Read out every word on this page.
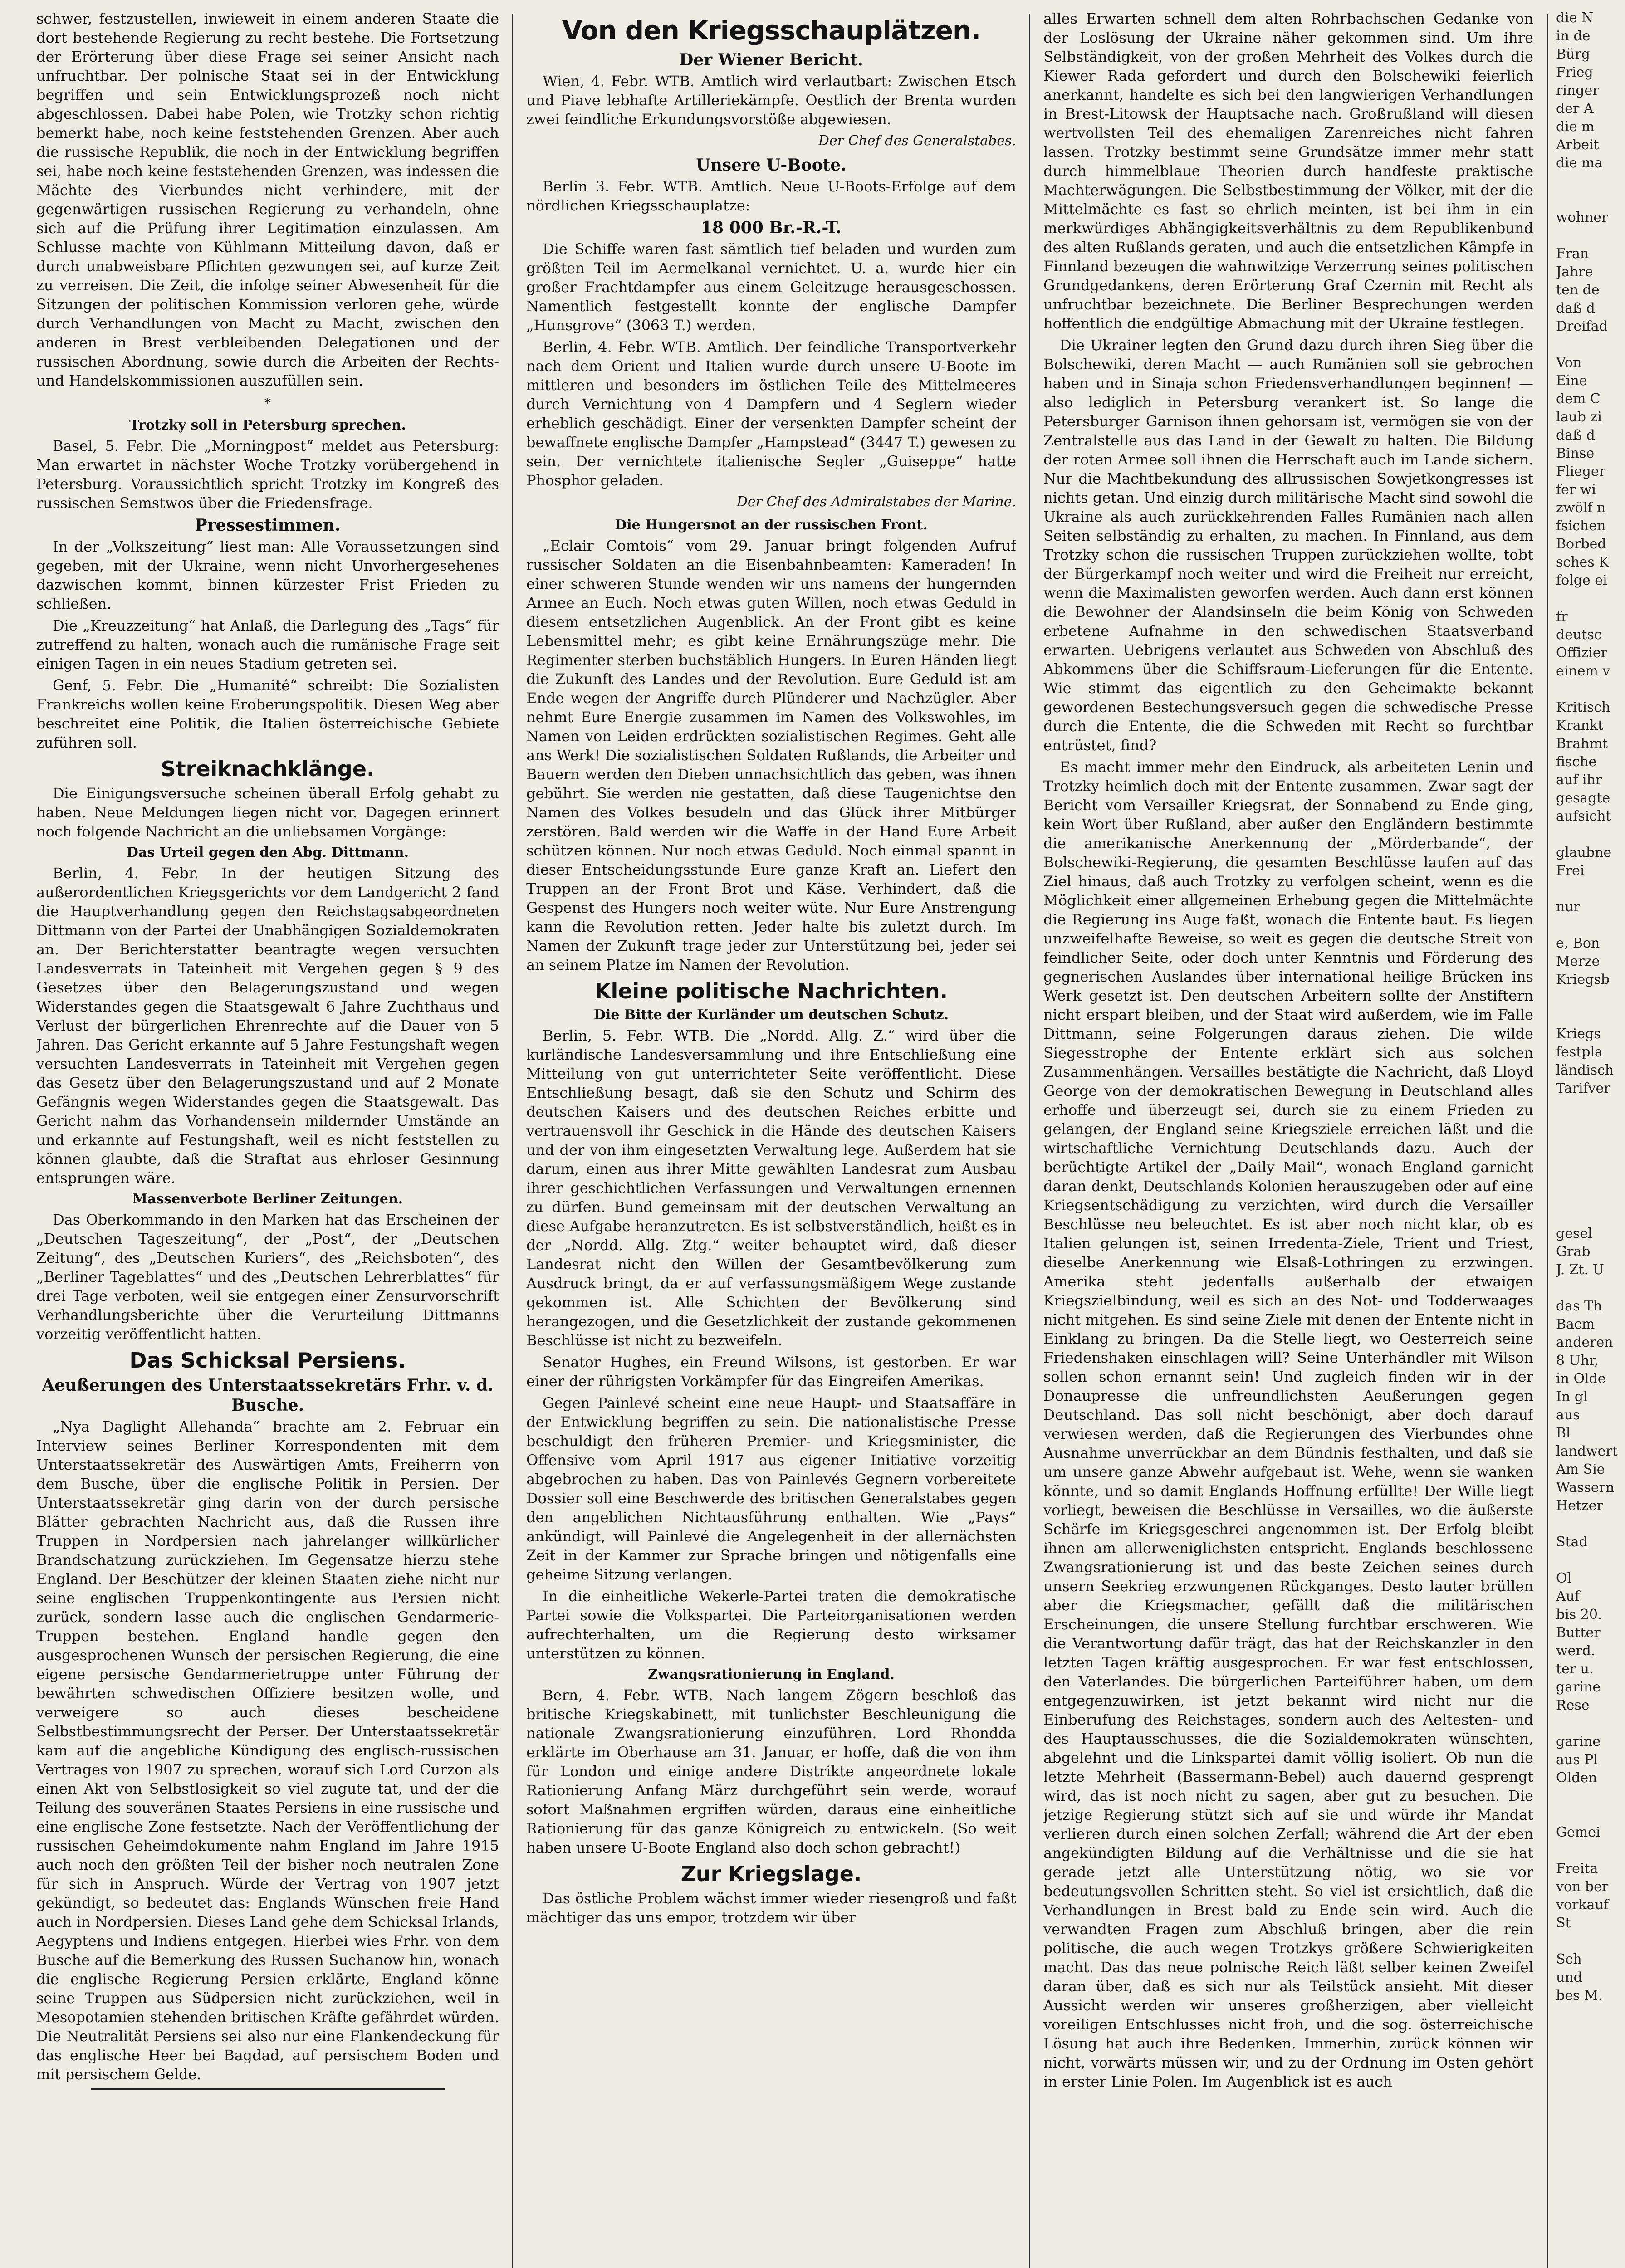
schwer, festzustellen, inwieweit in einem anderen Staate die dort bestehende Regierung zu recht bestehe. Die Fortsetzung der Erörterung über diese Frage sei seiner Ansicht nach unfruchtbar. Der polnische Staat sei in der Entwicklung begriffen und sein Entwicklungsprozeß noch nicht abgeschlossen. Dabei habe Polen, wie Trotzky schon richtig bemerkt habe, noch keine feststehenden Grenzen. Aber auch die russische Republik, die noch in der Entwicklung begriffen sei, habe noch keine feststehenden Grenzen, was indessen die Mächte des Vierbundes nicht verhindere, mit der gegenwärtigen russischen Regierung zu verhandeln, ohne sich auf die Prüfung ihrer Legitimation einzulassen. Am Schlusse machte von Kühlmann Mitteilung davon, daß er durch unabweisbare Pflichten gezwungen sei, auf kurze Zeit zu verreisen. Die Zeit, die infolge seiner Abwesenheit für die Sitzungen der politischen Kommission verloren gehe, würde durch Verhandlungen von Macht zu Macht, zwischen den anderen in Brest verbleibenden Delegationen und der russischen Abordnung, sowie durch die Arbeiten der Rechts- und Handelskommissionen auszufüllen sein.

*
Trotzky soll in Petersburg sprechen.

Basel, 5. Febr. Die „Morningpost“ meldet aus Petersburg: Man erwartet in nächster Woche Trotzky vorübergehend in Petersburg. Voraussichtlich spricht Trotzky im Kongreß des russischen Semstwos über die Friedensfrage.

Pressestimmen.

In der „Volkszeitung“ liest man: Alle Voraussetzungen sind gegeben, mit der Ukraine, wenn nicht Unvorhergesehenes dazwischen kommt, binnen kürzester Frist Frieden zu schließen.

Die „Kreuzzeitung“ hat Anlaß, die Darlegung des „Tags“ für zutreffend zu halten, wonach auch die rumänische Frage seit einigen Tagen in ein neues Stadium getreten sei.

Genf, 5. Febr. Die „Humanité“ schreibt: Die Sozialisten Frankreichs wollen keine Eroberungspolitik. Diesen Weg aber beschreitet eine Politik, die Italien österreichische Gebiete zuführen soll.

Streiknachklänge.

Die Einigungsversuche scheinen überall Erfolg gehabt zu haben. Neue Meldungen liegen nicht vor. Dagegen erinnert noch folgende Nachricht an die unliebsamen Vorgänge:

Das Urteil gegen den Abg. Dittmann.

Berlin, 4. Febr. In der heutigen Sitzung des außerordentlichen Kriegsgerichts vor dem Landgericht 2 fand die Hauptverhandlung gegen den Reichstagsabgeordneten Dittmann von der Partei der Unabhängigen Sozialdemokraten an. Der Berichterstatter beantragte wegen versuchten Landesverrats in Tateinheit mit Vergehen gegen § 9 des Gesetzes über den Belagerungszustand und wegen Widerstandes gegen die Staatsgewalt 6 Jahre Zuchthaus und Verlust der bürgerlichen Ehrenrechte auf die Dauer von 5 Jahren. Das Gericht erkannte auf 5 Jahre Festungshaft wegen versuchten Landesverrats in Tateinheit mit Vergehen gegen das Gesetz über den Belagerungszustand und auf 2 Monate Gefängnis wegen Widerstandes gegen die Staatsgewalt. Das Gericht nahm das Vorhandensein mildernder Umstände an und erkannte auf Festungshaft, weil es nicht feststellen zu können glaubte, daß die Straftat aus ehrloser Gesinnung entsprungen wäre.

Massenverbote Berliner Zeitungen.

Das Oberkommando in den Marken hat das Erscheinen der „Deutschen Tageszeitung“, der „Post“, der „Deutschen Zeitung“, des „Deutschen Kuriers“, des „Reichsboten“, des „Berliner Tageblattes“ und des „Deutschen Lehrerblattes“ für drei Tage verboten, weil sie entgegen einer Zensurvorschrift Verhandlungsberichte über die Verurteilung Dittmanns vorzeitig veröffentlicht hatten.

Das Schicksal Persiens.
Aeußerungen des Unterstaatssekretärs Frhr. v. d. Busche.

„Nya Daglight Allehanda“ brachte am 2. Februar ein Interview seines Berliner Korrespondenten mit dem Unterstaatssekretär des Auswärtigen Amts, Freiherrn von dem Busche, über die englische Politik in Persien. Der Unterstaatssekretär ging darin von der durch persische Blätter gebrachten Nachricht aus, daß die Russen ihre Truppen in Nordpersien nach jahrelanger willkürlicher Brandschatzung zurückziehen. Im Gegensatze hierzu stehe England. Der Beschützer der kleinen Staaten ziehe nicht nur seine englischen Truppenkontingente aus Persien nicht zurück, sondern lasse auch die englischen Gendarmerie-Truppen bestehen. England handle gegen den ausgesprochenen Wunsch der persischen Regierung, die eine eigene persische Gendarmerietruppe unter Führung der bewährten schwedischen Offiziere besitzen wolle, und verweigere so auch dieses bescheidene Selbstbestimmungsrecht der Perser. Der Unterstaatssekretär kam auf die angebliche Kündigung des englisch-russischen Vertrages von 1907 zu sprechen, worauf sich Lord Curzon als einen Akt von Selbstlosigkeit so viel zugute tat, und der die Teilung des souveränen Staates Persiens in eine russische und eine englische Zone festsetzte. Nach der Veröffentlichung der russischen Geheimdokumente nahm England im Jahre 1915 auch noch den größten Teil der bisher noch neutralen Zone für sich in Anspruch. Würde der Vertrag von 1907 jetzt gekündigt, so bedeutet das: Englands Wünschen freie Hand auch in Nordpersien. Dieses Land gehe dem Schicksal Irlands, Aegyptens und Indiens entgegen. Hierbei wies Frhr. von dem Busche auf die Bemerkung des Russen Suchanow hin, wonach die englische Regierung Persien erklärte, England könne seine Truppen aus Südpersien nicht zurückziehen, weil in Mesopotamien stehenden britischen Kräfte gefährdet würden. Die Neutralität Persiens sei also nur eine Flankendeckung für das englische Heer bei Bagdad, auf persischem Boden und mit persischem Gelde.

Von den Kriegsschauplätzen.
Der Wiener Bericht.

Wien, 4. Febr. WTB. Amtlich wird verlautbart: Zwischen Etsch und Piave lebhafte Artilleriekämpfe. Oestlich der Brenta wurden zwei feindliche Erkundungsvorstöße abgewiesen.

Der Chef des Generalstabes.
Unsere U-Boote.

Berlin 3. Febr. WTB. Amtlich. Neue U-Boots-Erfolge auf dem nördlichen Kriegsschauplatze:

18 000 Br.-R.-T.

Die Schiffe waren fast sämtlich tief beladen und wurden zum größten Teil im Aermelkanal vernichtet. U. a. wurde hier ein großer Frachtdampfer aus einem Geleitzuge herausgeschossen. Namentlich festgestellt konnte der englische Dampfer „Hunsgrove“ (3063 T.) werden.

Berlin, 4. Febr. WTB. Amtlich. Der feindliche Transportverkehr nach dem Orient und Italien wurde durch unsere U-Boote im mittleren und besonders im östlichen Teile des Mittelmeeres durch Vernichtung von 4 Dampfern und 4 Seglern wieder erheblich geschädigt. Einer der versenkten Dampfer scheint der bewaffnete englische Dampfer „Hampstead“ (3447 T.) gewesen zu sein. Der vernichtete italienische Segler „Guiseppe“ hatte Phosphor geladen.

Der Chef des Admiralstabes der Marine.
Die Hungersnot an der russischen Front.

„Eclair Comtois“ vom 29. Januar bringt folgenden Aufruf russischer Soldaten an die Eisenbahnbeamten: Kameraden! In einer schweren Stunde wenden wir uns namens der hungernden Armee an Euch. Noch etwas guten Willen, noch etwas Geduld in diesem entsetzlichen Augenblick. An der Front gibt es keine Lebensmittel mehr; es gibt keine Ernährungszüge mehr. Die Regimenter sterben buchstäblich Hungers. In Euren Händen liegt die Zukunft des Landes und der Revolution. Eure Geduld ist am Ende wegen der Angriffe durch Plünderer und Nachzügler. Aber nehmt Eure Energie zusammen im Namen des Volkswohles, im Namen von Leiden erdrückten sozialistischen Regimes. Geht alle ans Werk! Die sozialistischen Soldaten Rußlands, die Arbeiter und Bauern werden den Dieben unnachsichtlich das geben, was ihnen gebührt. Sie werden nie gestatten, daß diese Taugenichtse den Namen des Volkes besudeln und das Glück ihrer Mitbürger zerstören. Bald werden wir die Waffe in der Hand Eure Arbeit schützen können. Nur noch etwas Geduld. Noch einmal spannt in dieser Entscheidungsstunde Eure ganze Kraft an. Liefert den Truppen an der Front Brot und Käse. Verhindert, daß die Gespenst des Hungers noch weiter wüte. Nur Eure Anstrengung kann die Revolution retten. Jeder halte bis zuletzt durch. Im Namen der Zukunft trage jeder zur Unterstützung bei, jeder sei an seinem Platze im Namen der Revolution.

Kleine politische Nachrichten.
Die Bitte der Kurländer um deutschen Schutz.

Berlin, 5. Febr. WTB. Die „Nordd. Allg. Z.“ wird über die kurländische Landesversammlung und ihre Entschließung eine Mitteilung von gut unterrichteter Seite veröffentlicht. Diese Entschließung besagt, daß sie den Schutz und Schirm des deutschen Kaisers und des deutschen Reiches erbitte und vertrauensvoll ihr Geschick in die Hände des deutschen Kaisers und der von ihm eingesetzten Verwaltung lege. Außerdem hat sie darum, einen aus ihrer Mitte gewählten Landesrat zum Ausbau ihrer geschichtlichen Verfassungen und Verwaltungen ernennen zu dürfen. Bund gemeinsam mit der deutschen Verwaltung an diese Aufgabe heranzutreten. Es ist selbstverständlich, heißt es in der „Nordd. Allg. Ztg.“ weiter behauptet wird, daß dieser Landesrat nicht den Willen der Gesamtbevölkerung zum Ausdruck bringt, da er auf verfassungsmäßigem Wege zustande gekommen ist. Alle Schichten der Bevölkerung sind herangezogen, und die Gesetzlichkeit der zustande gekommenen Beschlüsse ist nicht zu bezweifeln.

Senator Hughes, ein Freund Wilsons, ist gestorben. Er war einer der rührigsten Vorkämpfer für das Eingreifen Amerikas.

Gegen Painlevé scheint eine neue Haupt- und Staatsaffäre in der Entwicklung begriffen zu sein. Die nationalistische Presse beschuldigt den früheren Premier- und Kriegsminister, die Offensive vom April 1917 aus eigener Initiative vorzeitig abgebrochen zu haben. Das von Painlevés Gegnern vorbereitete Dossier soll eine Beschwerde des britischen Generalstabes gegen den angeblichen Nichtausführung enthalten. Wie „Pays“ ankündigt, will Painlevé die Angelegenheit in der allernächsten Zeit in der Kammer zur Sprache bringen und nötigenfalls eine geheime Sitzung verlangen.

In die einheitliche Wekerle-Partei traten die demokratische Partei sowie die Volkspartei. Die Parteiorganisationen werden aufrechterhalten, um die Regierung desto wirksamer unterstützen zu können.

Zwangsrationierung in England.

Bern, 4. Febr. WTB. Nach langem Zögern beschloß das britische Kriegskabinett, mit tunlichster Beschleunigung die nationale Zwangsrationierung einzuführen. Lord Rhondda erklärte im Oberhause am 31. Januar, er hoffe, daß die von ihm für London und einige andere Distrikte angeordnete lokale Rationierung Anfang März durchgeführt sein werde, worauf sofort Maßnahmen ergriffen würden, daraus eine einheitliche Rationierung für das ganze Königreich zu entwickeln. (So weit haben unsere U-Boote England also doch schon gebracht!)

Zur Kriegslage.

Das östliche Problem wächst immer wieder riesengroß und faßt mächtiger das uns empor, trotzdem wir über

alles Erwarten schnell dem alten Rohrbachschen Gedanke von der Loslösung der Ukraine näher gekommen sind. Um ihre Selbständigkeit, von der großen Mehrheit des Volkes durch die Kiewer Rada gefordert und durch den Bolschewiki feierlich anerkannt, handelte es sich bei den langwierigen Verhandlungen in Brest-Litowsk der Hauptsache nach. Großrußland will diesen wertvollsten Teil des ehemaligen Zarenreiches nicht fahren lassen. Trotzky bestimmt seine Grundsätze immer mehr statt durch himmelblaue Theorien durch handfeste praktische Machterwägungen. Die Selbstbestimmung der Völker, mit der die Mittelmächte es fast so ehrlich meinten, ist bei ihm in ein merkwürdiges Abhängigkeitsverhältnis zu dem Republikenbund des alten Rußlands geraten, und auch die entsetzlichen Kämpfe in Finnland bezeugen die wahnwitzige Verzerrung seines politischen Grundgedankens, deren Erörterung Graf Czernin mit Recht als unfruchtbar bezeichnete. Die Berliner Besprechungen werden hoffentlich die endgültige Abmachung mit der Ukraine festlegen.

Die Ukrainer legten den Grund dazu durch ihren Sieg über die Bolschewiki, deren Macht — auch Rumänien soll sie gebrochen haben und in Sinaja schon Friedensverhandlungen beginnen! — also lediglich in Petersburg verankert ist. So lange die Petersburger Garnison ihnen gehorsam ist, vermögen sie von der Zentralstelle aus das Land in der Gewalt zu halten. Die Bildung der roten Armee soll ihnen die Herrschaft auch im Lande sichern. Nur die Machtbekundung des allrussischen Sowjetkongresses ist nichts getan. Und einzig durch militärische Macht sind sowohl die Ukraine als auch zurückkehrenden Falles Rumänien nach allen Seiten selbständig zu erhalten, zu machen. In Finnland, aus dem Trotzky schon die russischen Truppen zurückziehen wollte, tobt der Bürgerkampf noch weiter und wird die Freiheit nur erreicht, wenn die Maximalisten geworfen werden. Auch dann erst können die Bewohner der Alandsinseln die beim König von Schweden erbetene Aufnahme in den schwedischen Staatsverband erwarten. Uebrigens verlautet aus Schweden von Abschluß des Abkommens über die Schiffsraum-Lieferungen für die Entente. Wie stimmt das eigentlich zu den Geheimakte bekannt gewordenen Bestechungsversuch gegen die schwedische Presse durch die Entente, die die Schweden mit Recht so furchtbar entrüstet, find?

Es macht immer mehr den Eindruck, als arbeiteten Lenin und Trotzky heimlich doch mit der Entente zusammen. Zwar sagt der Bericht vom Versailler Kriegsrat, der Sonnabend zu Ende ging, kein Wort über Rußland, aber außer den Engländern bestimmte die amerikanische Anerkennung der „Mörderbande“, der Bolschewiki-Regierung, die gesamten Beschlüsse laufen auf das Ziel hinaus, daß auch Trotzky zu verfolgen scheint, wenn es die Möglichkeit einer allgemeinen Erhebung gegen die Mittelmächte die Regierung ins Auge faßt, wonach die Entente baut. Es liegen unzweifelhafte Beweise, so weit es gegen die deutsche Streit von feindlicher Seite, oder doch unter Kenntnis und Förderung des gegnerischen Auslandes über international heilige Brücken ins Werk gesetzt ist. Den deutschen Arbeitern sollte der Anstiftern nicht erspart bleiben, und der Staat wird außerdem, wie im Falle Dittmann, seine Folgerungen daraus ziehen. Die wilde Siegesstrophe der Entente erklärt sich aus solchen Zusammenhängen. Versailles bestätigte die Nachricht, daß Lloyd George von der demokratischen Bewegung in Deutschland alles erhoffe und überzeugt sei, durch sie zu einem Frieden zu gelangen, der England seine Kriegsziele erreichen läßt und die wirtschaftliche Vernichtung Deutschlands dazu. Auch der berüchtigte Artikel der „Daily Mail“, wonach England garnicht daran denkt, Deutschlands Kolonien herauszugeben oder auf eine Kriegsentschädigung zu verzichten, wird durch die Versailler Beschlüsse neu beleuchtet. Es ist aber noch nicht klar, ob es Italien gelungen ist, seinen Irredenta-Ziele, Trient und Triest, dieselbe Anerkennung wie Elsaß-Lothringen zu erzwingen. Amerika steht jedenfalls außerhalb der etwaigen Kriegszielbindung, weil es sich an des Not- und Todderwaages nicht mitgehen. Es sind seine Ziele mit denen der Entente nicht in Einklang zu bringen. Da die Stelle liegt, wo Oesterreich seine Friedenshaken einschlagen will? Seine Unterhändler mit Wilson sollen schon ernannt sein! Und zugleich finden wir in der Donaupresse die unfreundlichsten Aeußerungen gegen Deutschland. Das soll nicht beschönigt, aber doch darauf verwiesen werden, daß die Regierungen des Vierbundes ohne Ausnahme unverrückbar an dem Bündnis festhalten, und daß sie um unsere ganze Abwehr aufgebaut ist. Wehe, wenn sie wanken könnte, und so damit Englands Hoffnung erfüllte! Der Wille liegt vorliegt, beweisen die Beschlüsse in Versailles, wo die äußerste Schärfe im Kriegsgeschrei angenommen ist. Der Erfolg bleibt ihnen am allerweniglichsten entspricht. Englands beschlossene Zwangsrationierung ist und das beste Zeichen seines durch unsern Seekrieg erzwungenen Rückganges. Desto lauter brüllen aber die Kriegsmacher, gefällt daß die militärischen Erscheinungen, die unsere Stellung furchtbar erschweren. Wie die Verantwortung dafür trägt, das hat der Reichskanzler in den letzten Tagen kräftig ausgesprochen. Er war fest entschlossen, den Vaterlandes. Die bürgerlichen Parteiführer haben, um dem entgegenzuwirken, ist jetzt bekannt wird nicht nur die Einberufung des Reichstages, sondern auch des Aeltesten- und des Hauptausschusses, die die Sozialdemokraten wünschten, abgelehnt und die Linkspartei damit völlig isoliert. Ob nun die letzte Mehrheit (Bassermann-Bebel) auch dauernd gesprengt wird, das ist noch nicht zu sagen, aber gut zu besuchen. Die jetzige Regierung stützt sich auf sie und würde ihr Mandat verlieren durch einen solchen Zerfall; während die Art der eben angekündigten Bildung auf die Verhältnisse und die sie hat gerade jetzt alle Unterstützung nötig, wo sie vor bedeutungsvollen Schritten steht. So viel ist ersichtlich, daß die Verhandlungen in Brest bald zu Ende sein wird. Auch die verwandten Fragen zum Abschluß bringen, aber die rein politische, die auch wegen Trotzkys größere Schwierigkeiten macht. Das das neue polnische Reich läßt selber keinen Zweifel daran über, daß es sich nur als Teilstück ansieht. Mit dieser Aussicht werden wir unseres großherzigen, aber vielleicht voreiligen Entschlusses nicht froh, und die sog. österreichische Lösung hat auch ihre Bedenken. Immerhin, zurück können wir nicht, vorwärts müssen wir, und zu der Ordnung im Osten gehört in erster Linie Polen. Im Augenblick ist es auch

die N
in de
Bürg
Frieg
ringer
der A
die m
Arbeit
die ma

wohner

Fran
Jahre
ten de
daß d
Dreifad

Von
Eine
dem C
laub zi
daß d
Binse
Flieger
fer wi
zwölf n
fsichen
Borbed
sches K
folge ei

fr
deutsc
Offizier
einem v

Kritisch
Krankt
Brahmt
fische
auf ihr
gesagte
aufsicht

glaubne
Frei

nur

e, Bon
Merze
Kriegsb

Kriegs
festpla
ländisch
Tarifver

gesel
Grab
J. Zt. U

das Th
Bacm
anderen
8 Uhr,
in Olde
In gl
aus
Bl
landwert
Am Sie
Wassern
Hetzer

Stad

Ol
Auf
bis 20.
Butter
werd.
ter u.
garine
Rese

garine
aus Pl
Olden

Gemei

Freita
von ber
vorkauf
St

Sch
und
bes M.
